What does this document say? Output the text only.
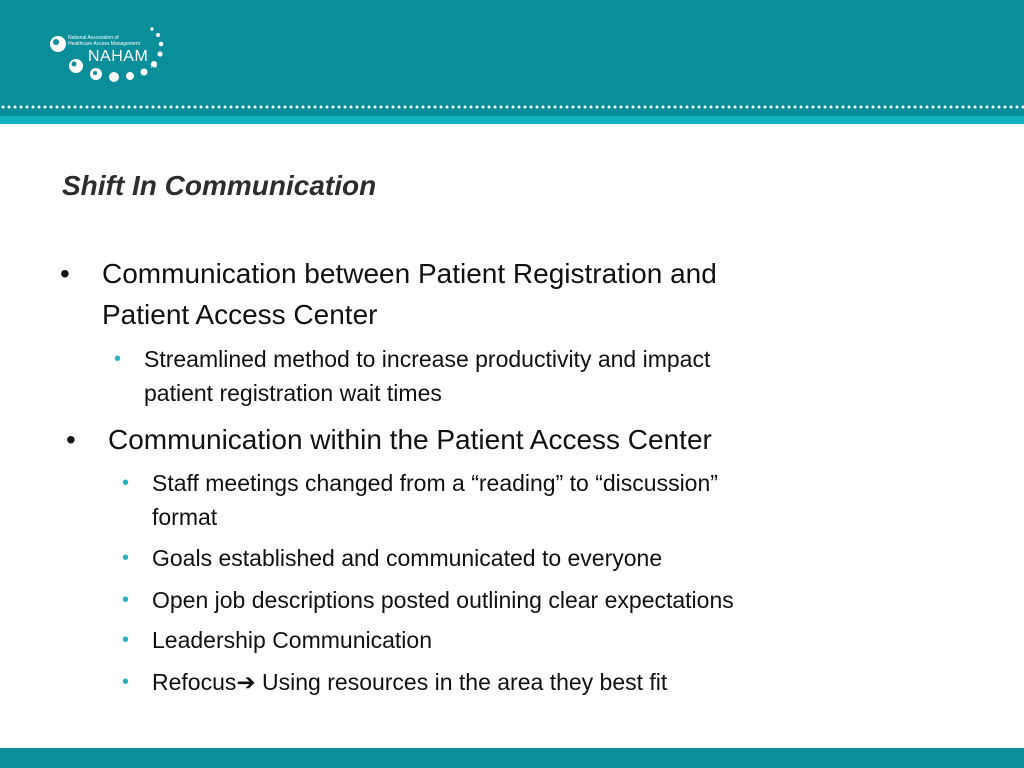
National Association of
Healthcare Access Management
NAHAM
TM
Shift In Communication
• Communication between Patient Registration and
Patient Access Center
• Streamlined method to increase productivity and impact
patient registration wait times
• Communication within the Patient Access Center
• Staff meetings changed from a “reading” to “discussion”
format
• Goals established and communicated to everyone
• Open job descriptions posted outlining clear expectations
• Leadership Communication
• Refocus➔ Using resources in the area they best fit
